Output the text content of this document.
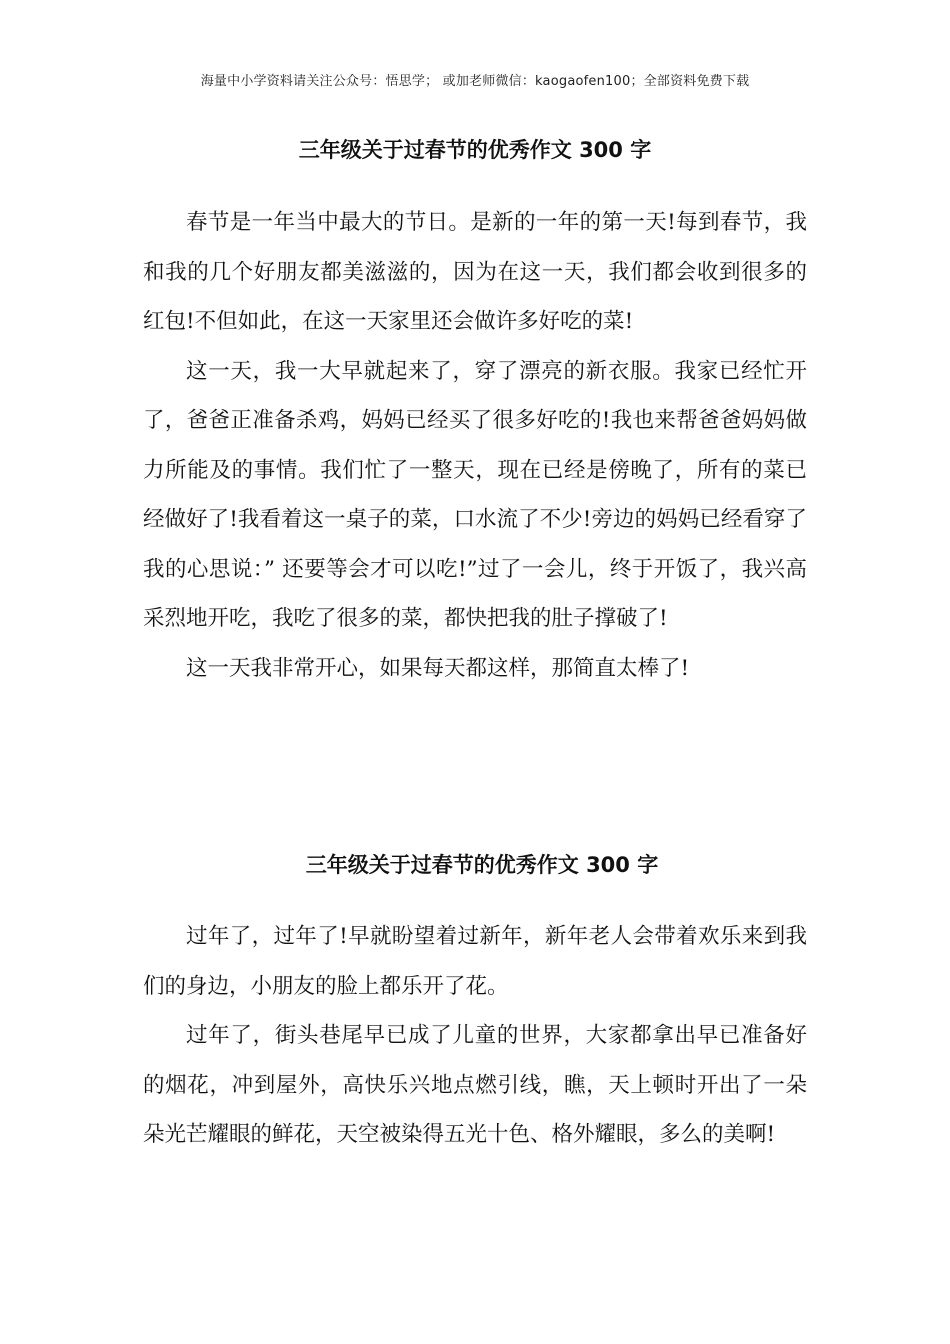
海量中小学资料请关注公众号：悟思学； 或加老师微信：kaogaofen100；全部资料免费下载
三年级关于过春节的优秀作文 300 字

春节是一年当中最大的节日。是新的一年的第一天!每到春节，我和我的几个好朋友都美滋滋的，因为在这一天，我们都会收到很多的红包!不但如此，在这一天家里还会做许多好吃的菜!

这一天，我一大早就起来了，穿了漂亮的新衣服。我家已经忙开了，爸爸正准备杀鸡，妈妈已经买了很多好吃的!我也来帮爸爸妈妈做力所能及的事情。我们忙了一整天，现在已经是傍晚了，所有的菜已经做好了!我看着这一桌子的菜，口水流了不少!旁边的妈妈已经看穿了我的心思说：” 还要等会才可以吃!”过了一会儿，终于开饭了，我兴高采烈地开吃，我吃了很多的菜，都快把我的肚子撑破了!

这一天我非常开心，如果每天都这样，那简直太棒了!

三年级关于过春节的优秀作文 300 字

过年了，过年了!早就盼望着过新年，新年老人会带着欢乐来到我们的身边，小朋友的脸上都乐开了花。

过年了，街头巷尾早已成了儿童的世界，大家都拿出早已准备好的烟花，冲到屋外，高快乐兴地点燃引线，瞧，天上顿时开出了一朵朵光芒耀眼的鲜花，天空被染得五光十色、格外耀眼，多么的美啊!
